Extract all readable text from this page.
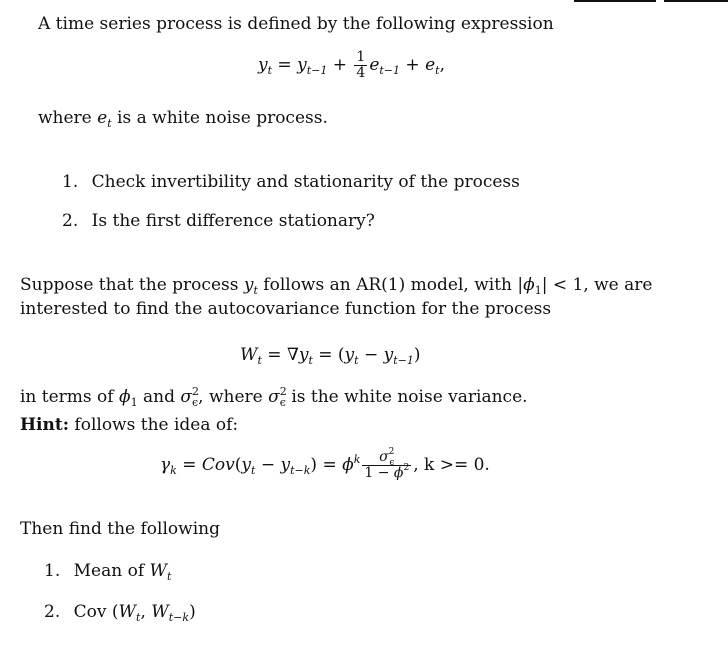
A time series process is defined by the following expression
$y_t = y_{t-1} + \frac{1}{4} e_{t-1} + e_t$,
where $e_t$ is a white noise process.
1. Check invertibility and stationarity of the process
2. Is the first difference stationary?
Suppose that the process $y_t$ follows an AR(1) model, with $|\phi_1| < 1$, we are
interested to find the autocovariance function for the process
$W_t = \nabla y_t = (y_t - y_{t-1})$
in terms of $\phi_1$ and $\sigma^2_\epsilon$, where $\sigma^2_\epsilon$ is the white noise variance.
Hint: follows the idea of:
$\gamma_k = Cov(y_t - y_{t-k}) = \phi^k \frac{\sigma^2_\epsilon}{1 - \phi^2}$ , k >= 0.
Then find the following
1. Mean of $W_t$
2. Cov ($W_t$, $W_{t-k}$)
